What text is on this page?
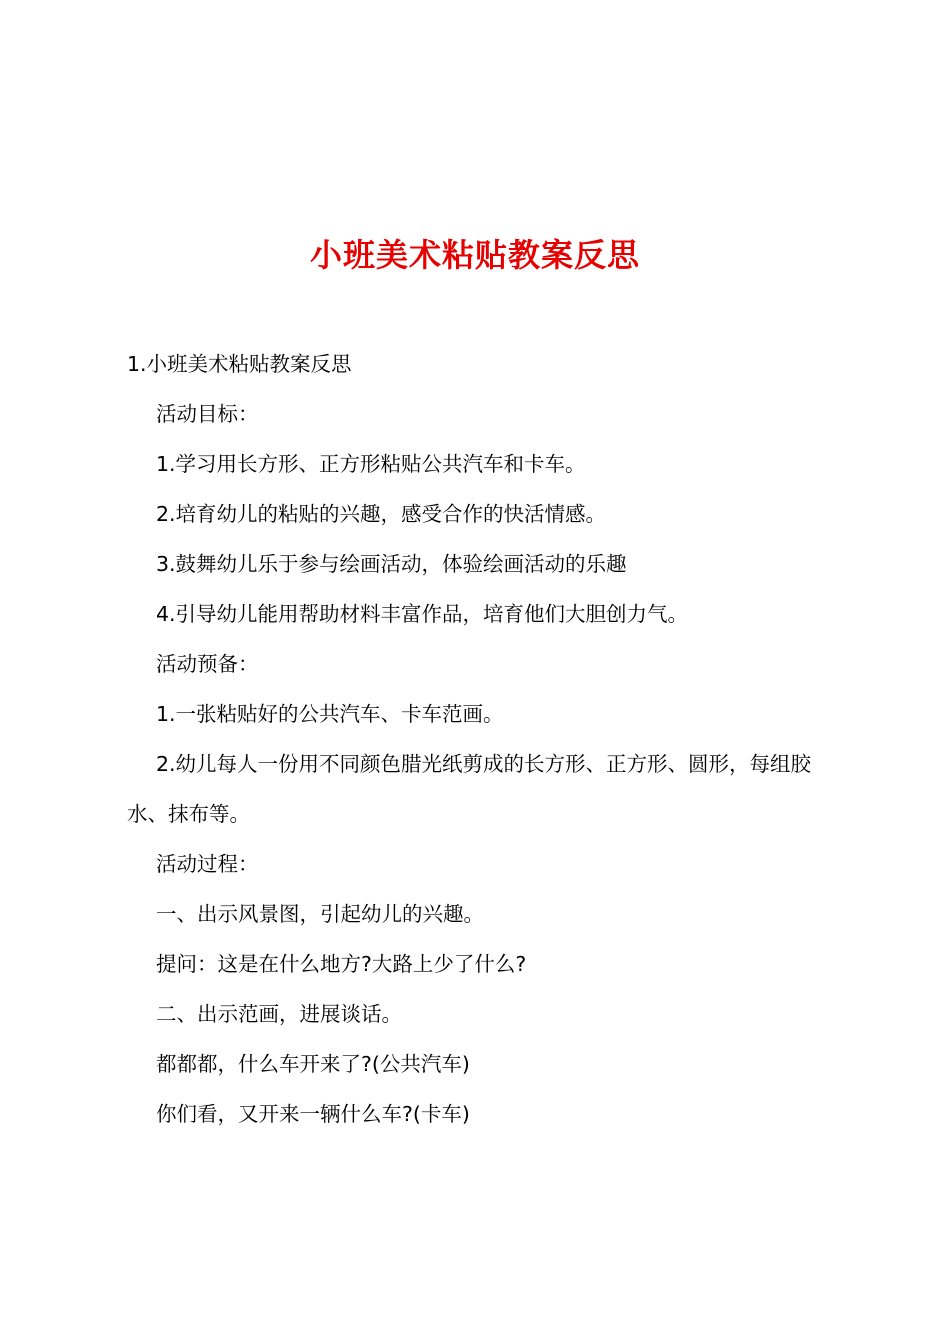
小班美术粘贴教案反思

1.小班美术粘贴教案反思

活动目标：

1.学习用长方形、正方形粘贴公共汽车和卡车。

2.培育幼儿的粘贴的兴趣，感受合作的快活情感。

3.鼓舞幼儿乐于参与绘画活动，体验绘画活动的乐趣

4.引导幼儿能用帮助材料丰富作品，培育他们大胆创力气。

活动预备：

1.一张粘贴好的公共汽车、卡车范画。

2.幼儿每人一份用不同颜色腊光纸剪成的长方形、正方形、圆形，每组胶水、抹布等。

活动过程：

一、出示风景图，引起幼儿的兴趣。

提问：这是在什么地方?大路上少了什么?

二、出示范画，进展谈话。

都都都，什么车开来了?(公共汽车)

你们看，又开来一辆什么车?(卡车)
